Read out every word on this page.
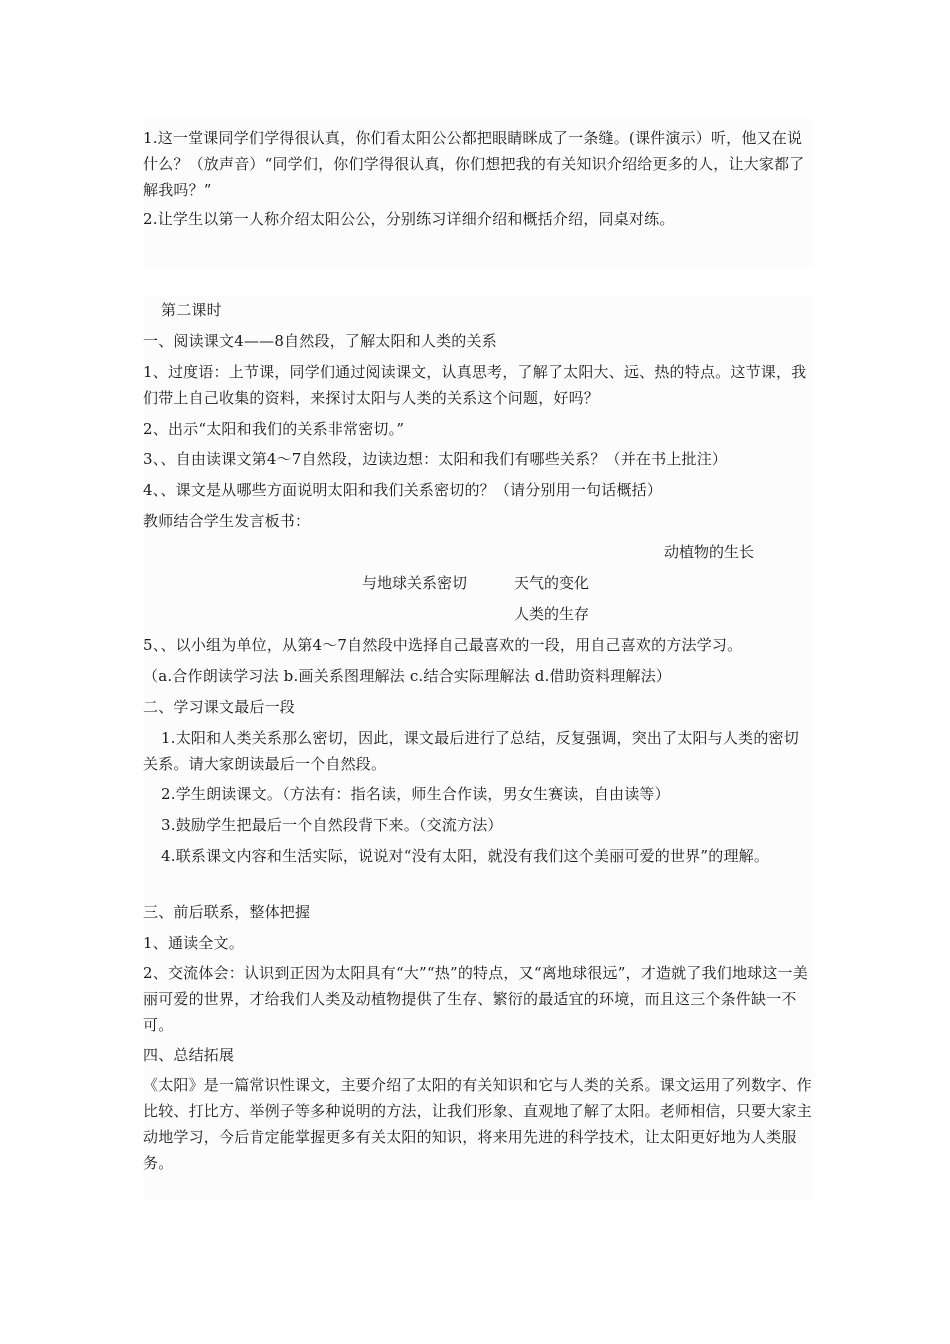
1.这一堂课同学们学得很认真，你们看太阳公公都把眼睛眯成了一条缝。(课件演示）听，他又在说什么？（放声音）“同学们，你们学得很认真，你们想把我的有关知识介绍给更多的人，让大家都了解我吗？”
2.让学生以第一人称介绍太阳公公，分别练习详细介绍和概括介绍，同桌对练。
第二课时
一、阅读课文4——8自然段，了解太阳和人类的关系
1、过度语：上节课，同学们通过阅读课文，认真思考，了解了太阳大、远、热的特点。这节课，我们带上自己收集的资料，来探讨太阳与人类的关系这个问题，好吗？
2、出示“太阳和我们的关系非常密切。”
3、、自由读课文第4～7自然段，边读边想：太阳和我们有哪些关系？（并在书上批注）
4、、课文是从哪些方面说明太阳和我们关系密切的？（请分别用一句话概括）
教师结合学生发言板书：
动植物的生长
与地球关系密切	天气的变化
人类的生存
5、、以小组为单位，从第4～7自然段中选择自己最喜欢的一段，用自己喜欢的方法学习。
（a.合作朗读学习法 b.画关系图理解法 c.结合实际理解法 d.借助资料理解法）
二、学习课文最后一段
1.太阳和人类关系那么密切，因此，课文最后进行了总结，反复强调，突出了太阳与人类的密切关系。请大家朗读最后一个自然段。
2.学生朗读课文。（方法有：指名读，师生合作读，男女生赛读，自由读等）
3.鼓励学生把最后一个自然段背下来。（交流方法）
4.联系课文内容和生活实际，说说对“没有太阳，就没有我们这个美丽可爱的世界”的理解。
三、前后联系，整体把握
1、通读全文。
2、交流体会：认识到正因为太阳具有“大”“热”的特点，又“离地球很远”，才造就了我们地球这一美丽可爱的世界，才给我们人类及动植物提供了生存、繁衍的最适宜的环境，而且这三个条件缺一不可。
四、总结拓展
《太阳》是一篇常识性课文，主要介绍了太阳的有关知识和它与人类的关系。课文运用了列数字、作比较、打比方、举例子等多种说明的方法，让我们形象、直观地了解了太阳。老师相信，只要大家主动地学习，今后肯定能掌握更多有关太阳的知识，将来用先进的科学技术，让太阳更好地为人类服务。
